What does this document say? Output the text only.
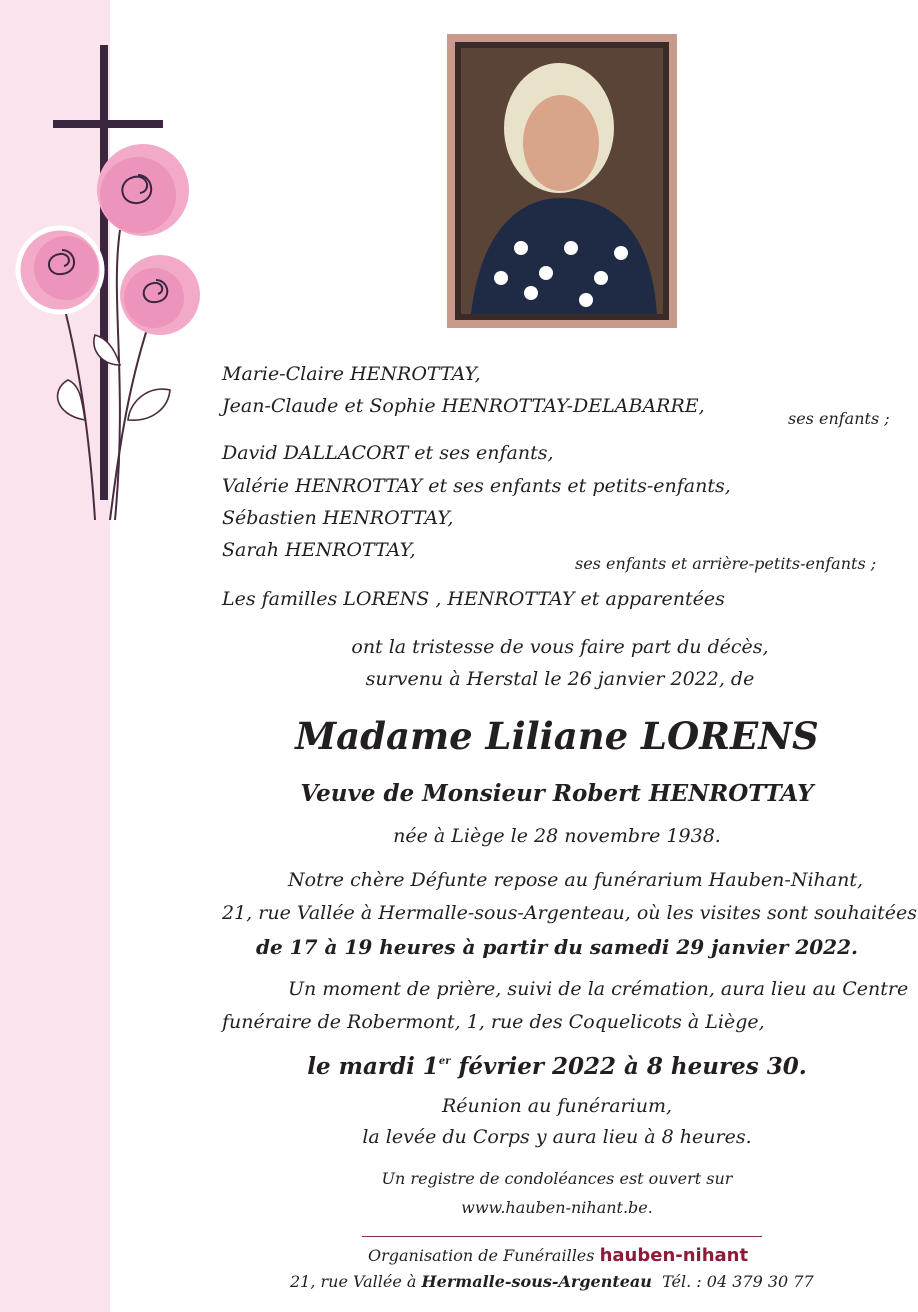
Marie-Claire HENROTTAY,
Jean-Claude et Sophie HENROTTAY-DELABARRE,
ses enfants ;
David DALLACORT et ses enfants,
Valérie HENROTTAY et ses enfants et petits-enfants,
Sébastien HENROTTAY,
Sarah HENROTTAY,
ses enfants et arrière-petits-enfants ;
Les familles LORENS , HENROTTAY et apparentées
ont la tristesse de vous faire part du décès,
survenu à Herstal le 26 janvier 2022, de
Madame Liliane LORENS
Veuve de Monsieur Robert HENROTTAY
née à Liège le 28 novembre 1938.
Notre chère Défunte repose au funérarium Hauben-Nihant,
21, rue Vallée à Hermalle-sous-Argenteau, où les visites sont souhaitées
de 17 à 19 heures à partir du samedi 29 janvier 2022.
Un moment de prière, suivi de la crémation, aura lieu au Centre
funéraire de Robermont, 1, rue des Coquelicots à Liège,
le mardi 1er février 2022 à 8 heures 30.
Réunion au funérarium,
la levée du Corps y aura lieu à 8 heures.
Un registre de condoléances est ouvert sur
www.hauben-nihant.be.
Organisation de Funérailles hauben-nihant
21, rue Vallée à Hermalle-sous-Argenteau Tél. : 04 379 30 77
